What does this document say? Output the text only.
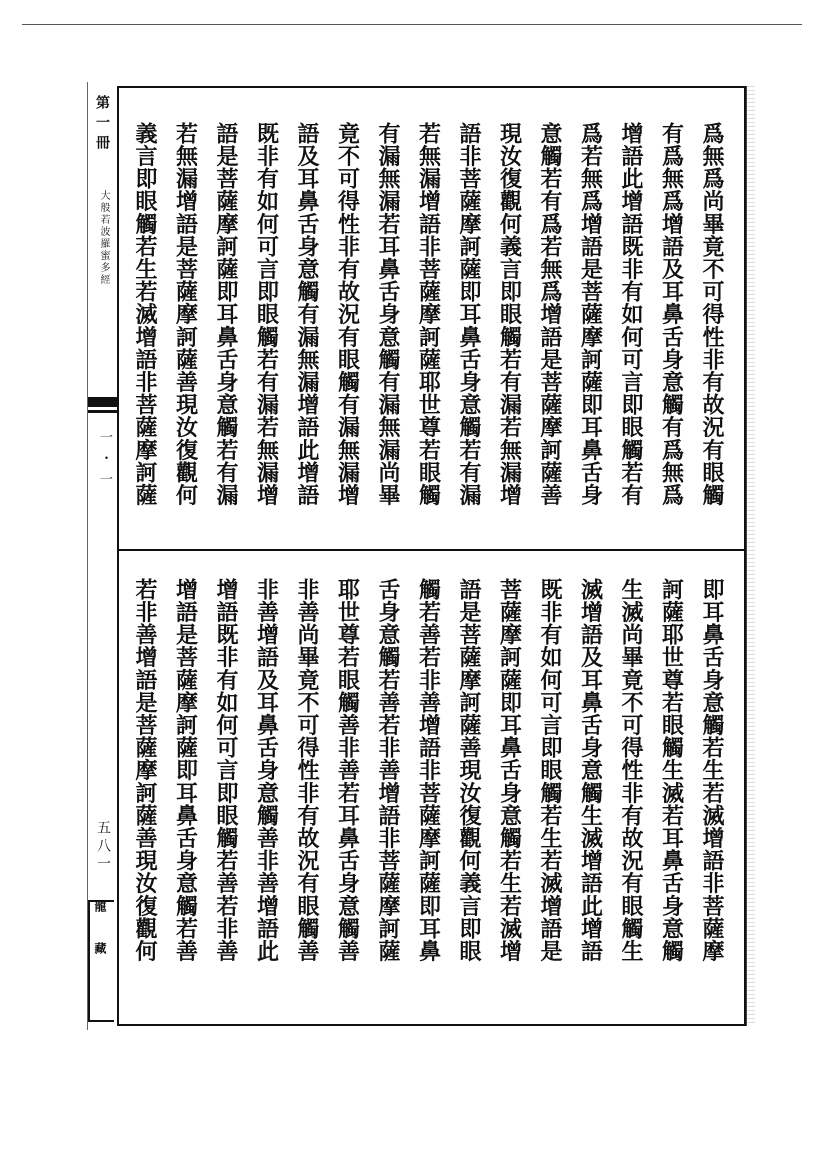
第一冊
大般若波羅蜜多經
一・一
五八一
龍藏
爲無爲尚畢竟不可得性非有故況有眼觸
有爲無爲增語及耳鼻舌身意觸有爲無爲
增語此增語既非有如何可言即眼觸若有
爲若無爲增語是菩薩摩訶薩即耳鼻舌身
意觸若有爲若無爲增語是菩薩摩訶薩善
現汝復觀何義言即眼觸若有漏若無漏增
語非菩薩摩訶薩即耳鼻舌身意觸若有漏
若無漏增語非菩薩摩訶薩耶世尊若眼觸
有漏無漏若耳鼻舌身意觸有漏無漏尚畢
竟不可得性非有故況有眼觸有漏無漏增
語及耳鼻舌身意觸有漏無漏增語此增語
既非有如何可言即眼觸若有漏若無漏增
語是菩薩摩訶薩即耳鼻舌身意觸若有漏
若無漏增語是菩薩摩訶薩善現汝復觀何
義言即眼觸若生若滅增語非菩薩摩訶薩
即耳鼻舌身意觸若生若滅增語非菩薩摩
訶薩耶世尊若眼觸生滅若耳鼻舌身意觸
生滅尚畢竟不可得性非有故況有眼觸生
滅增語及耳鼻舌身意觸生滅增語此增語
既非有如何可言即眼觸若生若滅增語是
菩薩摩訶薩即耳鼻舌身意觸若生若滅增
語是菩薩摩訶薩善現汝復觀何義言即眼
觸若善若非善增語非菩薩摩訶薩即耳鼻
舌身意觸若善若非善增語非菩薩摩訶薩
耶世尊若眼觸善非善若耳鼻舌身意觸善
非善尚畢竟不可得性非有故況有眼觸善
非善增語及耳鼻舌身意觸善非善增語此
增語既非有如何可言即眼觸若善若非善
增語是菩薩摩訶薩即耳鼻舌身意觸若善
若非善增語是菩薩摩訶薩善現汝復觀何
